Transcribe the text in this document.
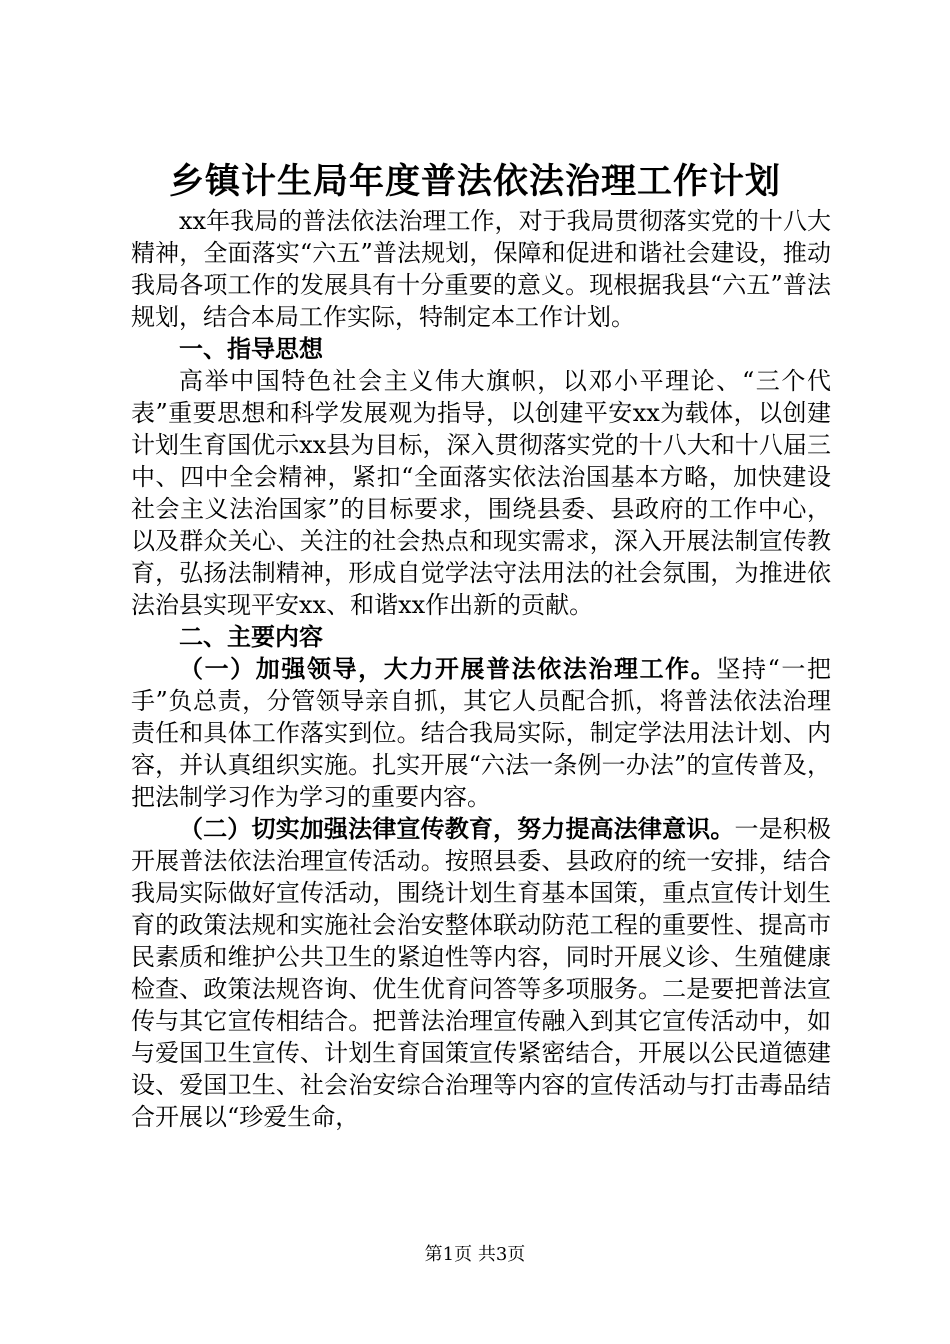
乡镇计生局年度普法依法治理工作计划

xx年我局的普法依法治理工作，对于我局贯彻落实党的十八大精神，全面落实“六五”普法规划，保障和促进和谐社会建设，推动我局各项工作的发展具有十分重要的意义。现根据我县“六五”普法规划，结合本局工作实际，特制定本工作计划。

一、指导思想

高举中国特色社会主义伟大旗帜，以邓小平理论、“三个代表”重要思想和科学发展观为指导，以创建平安xx为载体，以创建计划生育国优示xx县为目标，深入贯彻落实党的十八大和十八届三中、四中全会精神，紧扣“全面落实依法治国基本方略，加快建设社会主义法治国家”的目标要求，围绕县委、县政府的工作中心，以及群众关心、关注的社会热点和现实需求，深入开展法制宣传教育，弘扬法制精神，形成自觉学法守法用法的社会氛围，为推进依法治县实现平安xx、和谐xx作出新的贡献。

二、主要内容

（一）加强领导，大力开展普法依法治理工作。坚持“一把手”负总责，分管领导亲自抓，其它人员配合抓，将普法依法治理责任和具体工作落实到位。结合我局实际，制定学法用法计划、内容，并认真组织实施。扎实开展“六法一条例一办法”的宣传普及，把法制学习作为学习的重要内容。

（二）切实加强法律宣传教育，努力提高法律意识。一是积极开展普法依法治理宣传活动。按照县委、县政府的统一安排，结合我局实际做好宣传活动，围绕计划生育基本国策，重点宣传计划生育的政策法规和实施社会治安整体联动防范工程的重要性、提高市民素质和维护公共卫生的紧迫性等内容，同时开展义诊、生殖健康检查、政策法规咨询、优生优育问答等多项服务。二是要把普法宣传与其它宣传相结合。把普法治理宣传融入到其它宣传活动中，如与爱国卫生宣传、计划生育国策宣传紧密结合，开展以公民道德建设、爱国卫生、社会治安综合治理等内容的宣传活动与打击毒品结合开展以“珍爱生命，

第1页 共3页
